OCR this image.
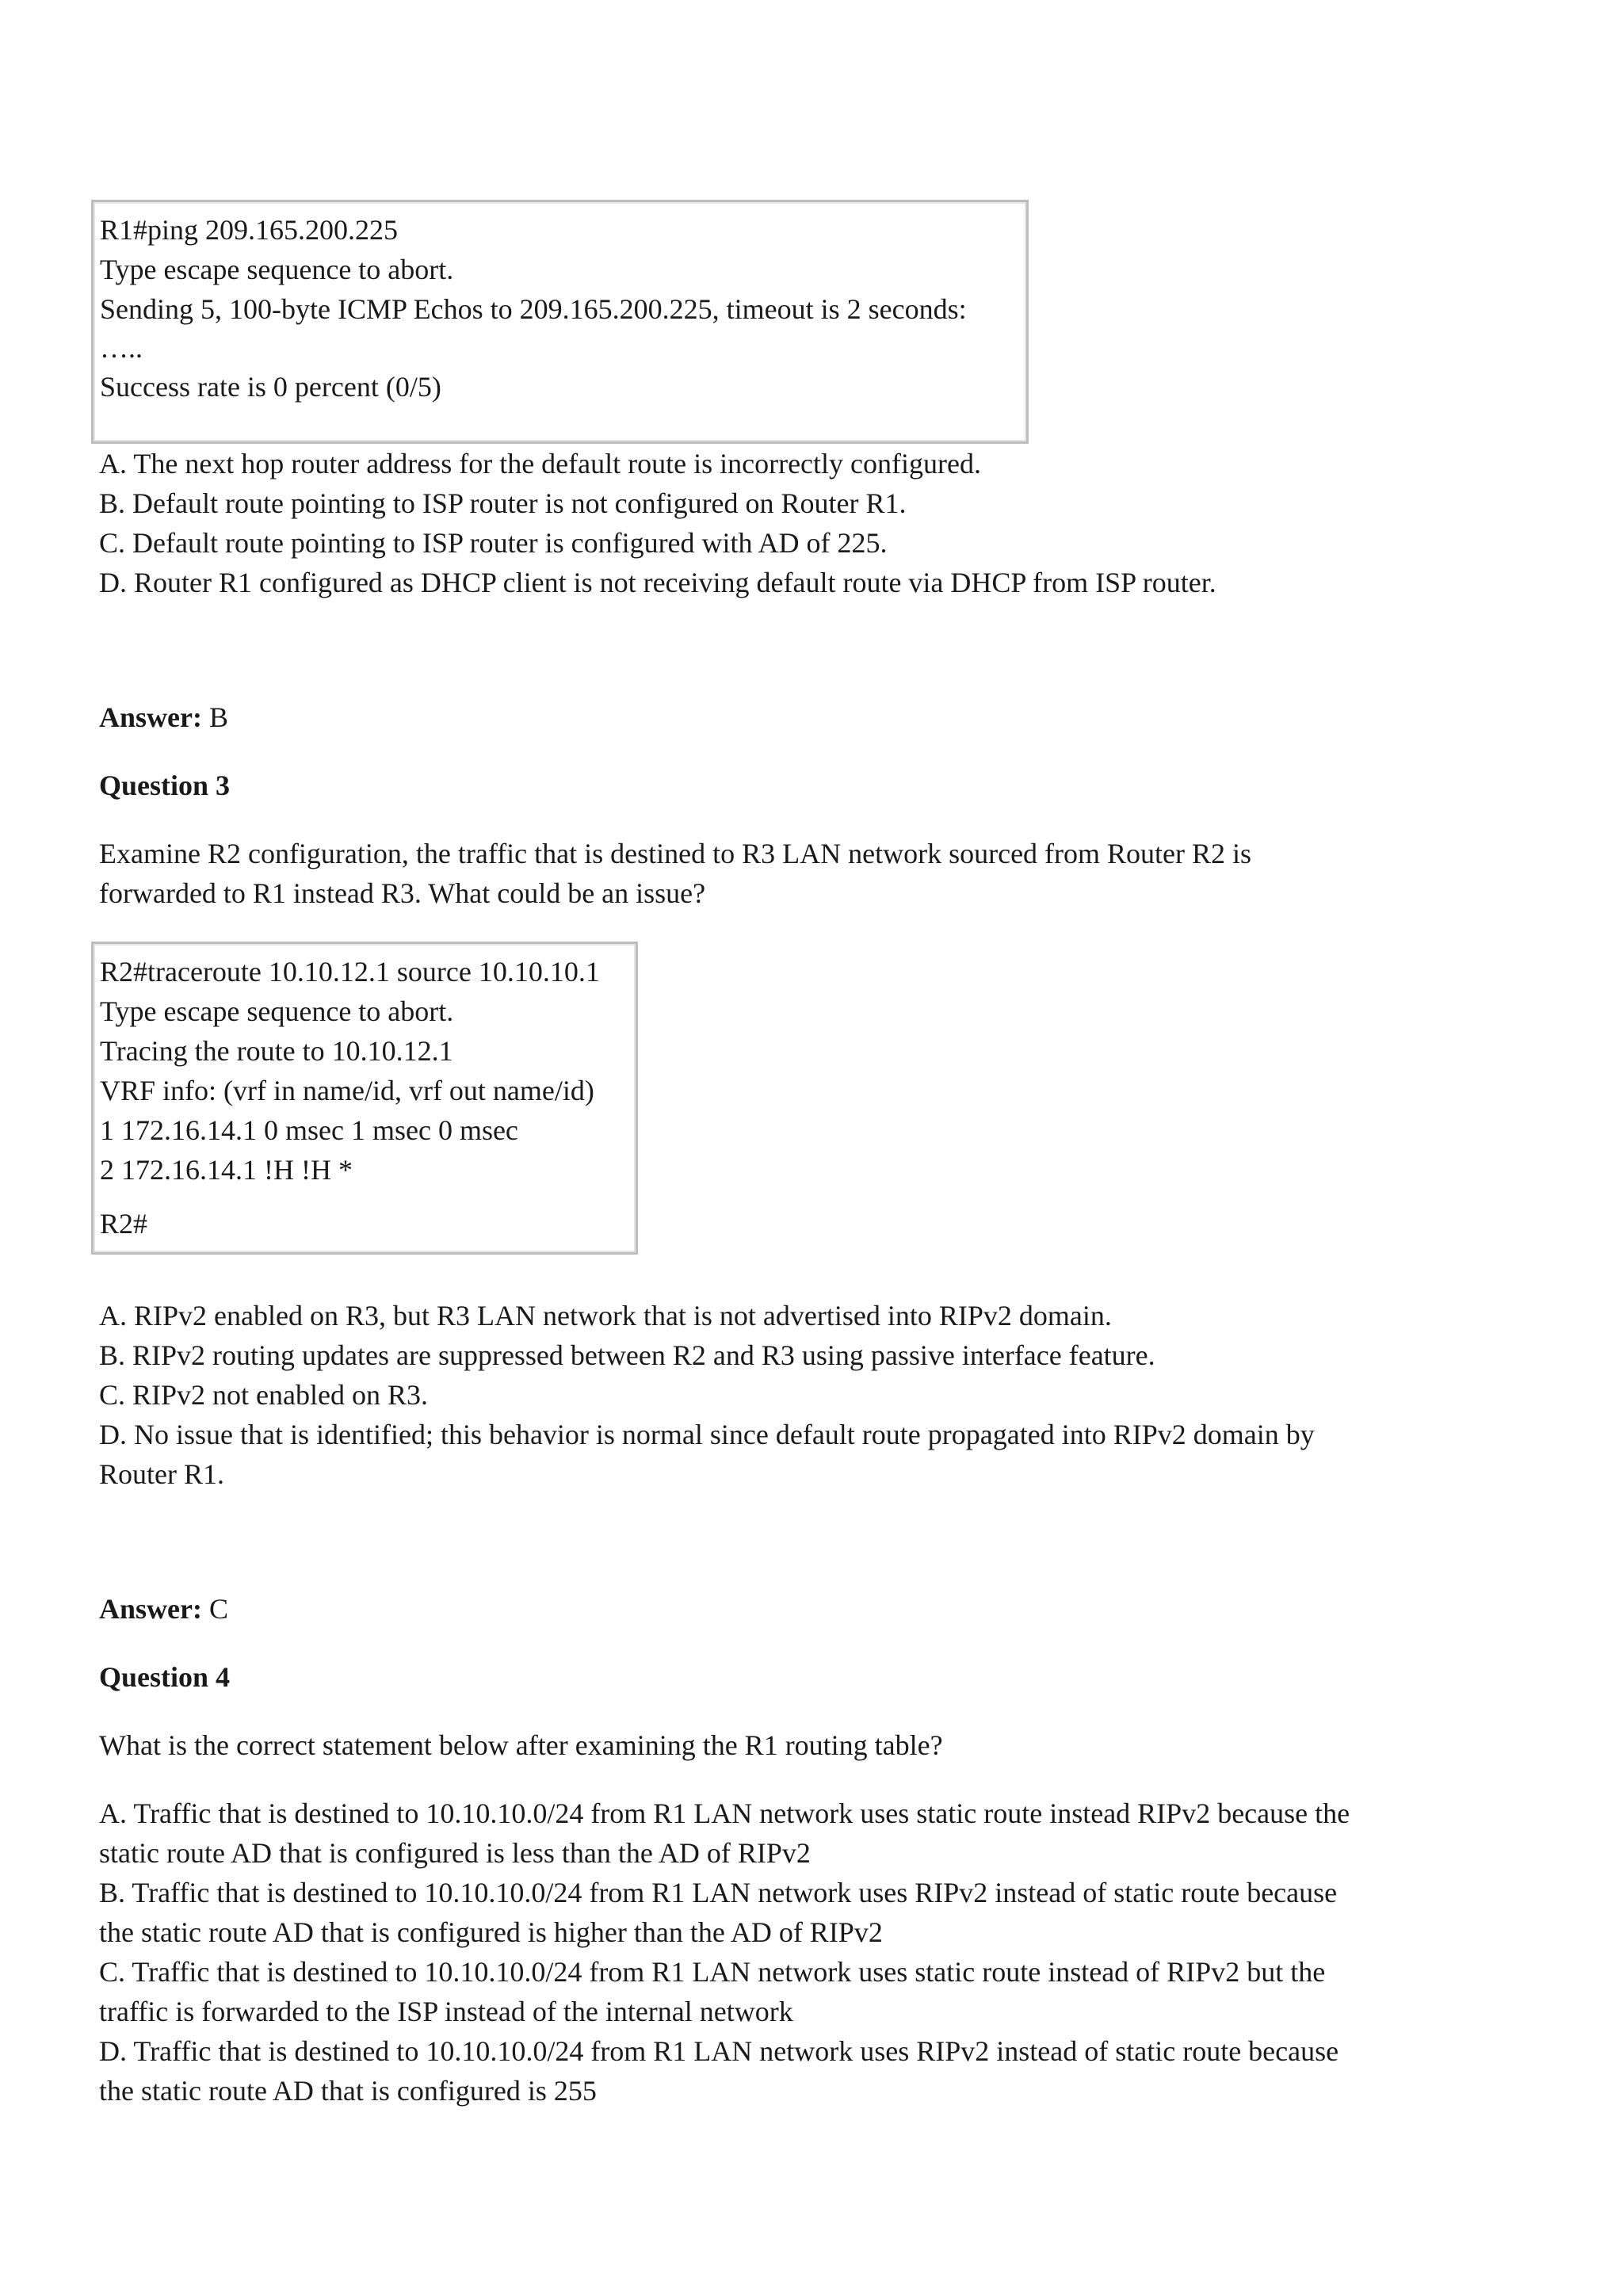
R1#ping 209.165.200.225
Type escape sequence to abort.
Sending 5, 100-byte ICMP Echos to 209.165.200.225, timeout is 2 seconds:
…..
Success rate is 0 percent (0/5)
A. The next hop router address for the default route is incorrectly configured.
B. Default route pointing to ISP router is not configured on Router R1.
C. Default route pointing to ISP router is configured with AD of 225.
D. Router R1 configured as DHCP client is not receiving default route via DHCP from ISP router.
Answer: B
Question 3
Examine R2 configuration, the traffic that is destined to R3 LAN network sourced from Router R2 is
forwarded to R1 instead R3. What could be an issue?
R2#traceroute 10.10.12.1 source 10.10.10.1
Type escape sequence to abort.
Tracing the route to 10.10.12.1
VRF info: (vrf in name/id, vrf out name/id)
1 172.16.14.1 0 msec 1 msec 0 msec
2 172.16.14.1 !H !H *
R2#
A. RIPv2 enabled on R3, but R3 LAN network that is not advertised into RIPv2 domain.
B. RIPv2 routing updates are suppressed between R2 and R3 using passive interface feature.
C. RIPv2 not enabled on R3.
D. No issue that is identified; this behavior is normal since default route propagated into RIPv2 domain by
Router R1.
Answer: C
Question 4
What is the correct statement below after examining the R1 routing table?
A. Traffic that is destined to 10.10.10.0/24 from R1 LAN network uses static route instead RIPv2 because the
static route AD that is configured is less than the AD of RIPv2
B. Traffic that is destined to 10.10.10.0/24 from R1 LAN network uses RIPv2 instead of static route because
the static route AD that is configured is higher than the AD of RIPv2
C. Traffic that is destined to 10.10.10.0/24 from R1 LAN network uses static route instead of RIPv2 but the
traffic is forwarded to the ISP instead of the internal network
D. Traffic that is destined to 10.10.10.0/24 from R1 LAN network uses RIPv2 instead of static route because
the static route AD that is configured is 255
